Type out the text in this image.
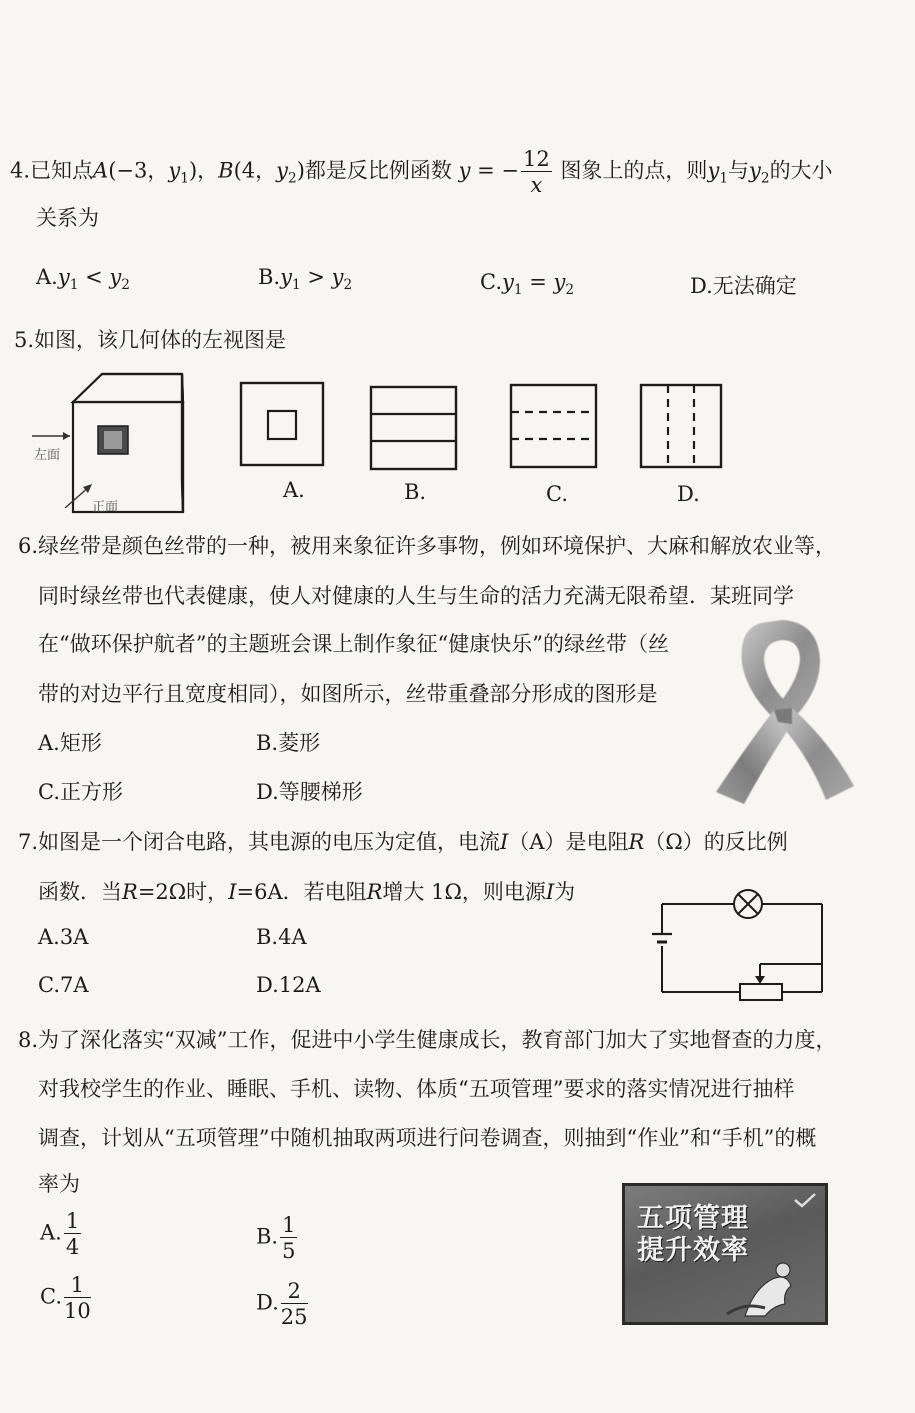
4.已知点A(−3，$y_1$)，B(4，$y_2$)都是反比例函数 y = − $\frac{12}{x}$ 图象上的点，则$y_1$与$y_2$的大小
关系为
$A.y_1 < y_2$	$B.y_1 > y_2$	$C.y_1 = y_2$	D.无法确定
5.如图，该几何体的左视图是
左面
正面
A.	B.	C.	D.
6.绿丝带是颜色丝带的一种，被用来象征许多事物，例如环境保护、大麻和解放农业等，
同时绿丝带也代表健康，使人对健康的人生与生命的活力充满无限希望．某班同学
在“做环保护航者”的主题班会课上制作象征“健康快乐”的绿丝带（丝
带的对边平行且宽度相同），如图所示，丝带重叠部分形成的图形是
A.矩形	B.菱形
C.正方形	D.等腰梯形
7.如图是一个闭合电路，其电源的电压为定值，电流I（A）是电阻R（Ω）的反比例
函数．当R=2Ω时，I=6A．若电阻R增大 1Ω，则电源I为
A.3A	B.4A
C.7A	D.12A
8.为了深化落实“双减”工作，促进中小学生健康成长，教育部门加大了实地督查的力度，
对我校学生的作业、睡眠、手机、读物、体质“五项管理”要求的落实情况进行抽样
调查，计划从“五项管理”中随机抽取两项进行问卷调查，则抽到“作业”和“手机”的概
率为
A. $\frac{1}{4}$	B. $\frac{1}{5}$
C. $\frac{1}{10}$	D. $\frac{2}{25}$
五项管理
提升效率
